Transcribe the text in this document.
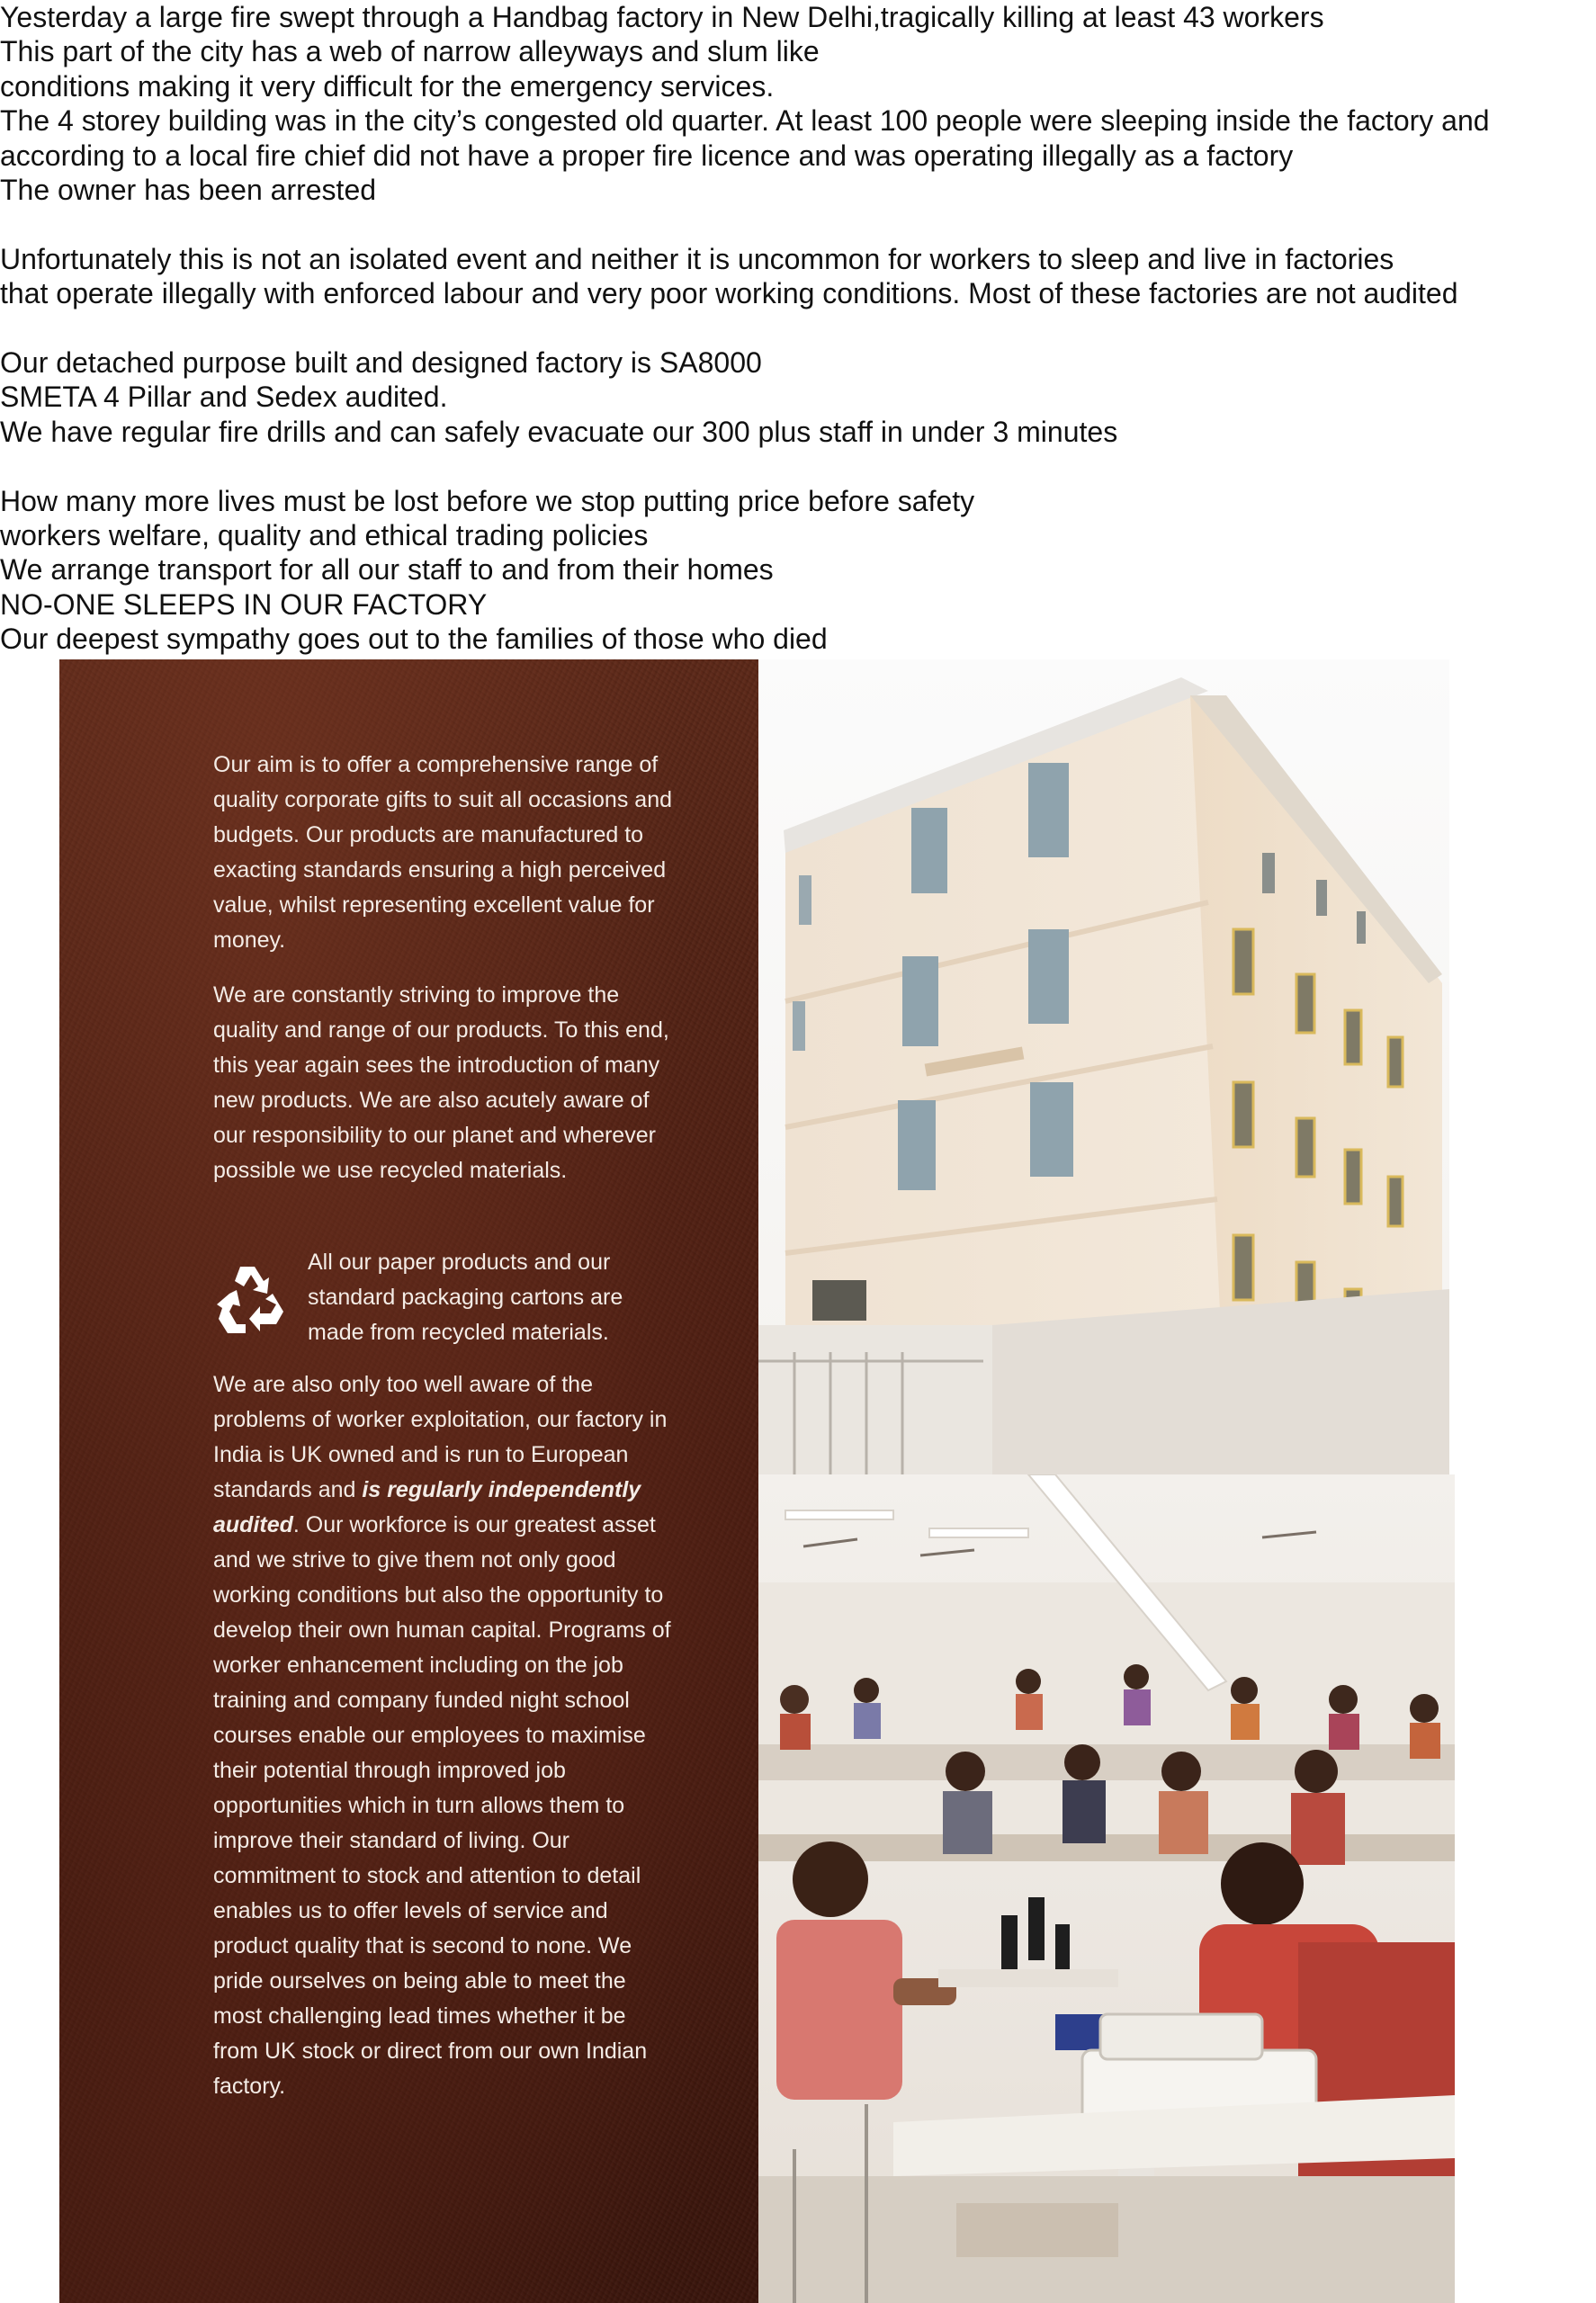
Yesterday a large fire swept through a Handbag factory in New Delhi,tragically killing at least 43 workers
This part of the city has a web of narrow alleyways and slum like
conditions making it very difficult for the emergency services.
The 4 storey building was in the city’s congested old quarter. At least 100 people were sleeping inside the factory and
according to a local fire chief did not have a proper fire licence and was operating illegally as a factory
The owner has been arrested
Unfortunately this is not an isolated event and neither it is uncommon for workers to sleep and live in factories
that operate illegally with enforced labour and very poor working conditions. Most of these factories are not audited
Our detached purpose built and designed factory is SA8000
SMETA 4 Pillar and Sedex audited.
We have regular fire drills and can safely evacuate our 300 plus staff in under 3 minutes
How many more lives must be lost before we stop putting price before safety
workers welfare, quality and ethical trading policies
We arrange transport for all our staff to and from their homes
NO-ONE SLEEPS IN OUR FACTORY
Our deepest sympathy goes out to the families of those who died

Our aim is to offer a comprehensive range of quality corporate gifts to suit all occasions and budgets. Our products are manufactured to exacting standards ensuring a high perceived value, whilst representing excellent value for money.

We are constantly striving to improve the quality and range of our products. To this end, this year again sees the introduction of many new products. We are also acutely aware of our responsibility to our planet and wherever possible we use recycled materials.

All our paper products and our standard packaging cartons are made from recycled materials.

We are also only too well aware of the problems of worker exploitation, our factory in India is UK owned and is run to European standards and is regularly independently audited. Our workforce is our greatest asset and we strive to give them not only good working conditions but also the opportunity to develop their own human capital. Programs of worker enhancement including on the job training and company funded night school courses enable our employees to maximise their potential through improved job opportunities which in turn allows them to improve their standard of living. Our commitment to stock and attention to detail enables us to offer levels of service and product quality that is second to none. We pride ourselves on being able to meet the most challenging lead times whether it be from UK stock or direct from our own Indian factory.
